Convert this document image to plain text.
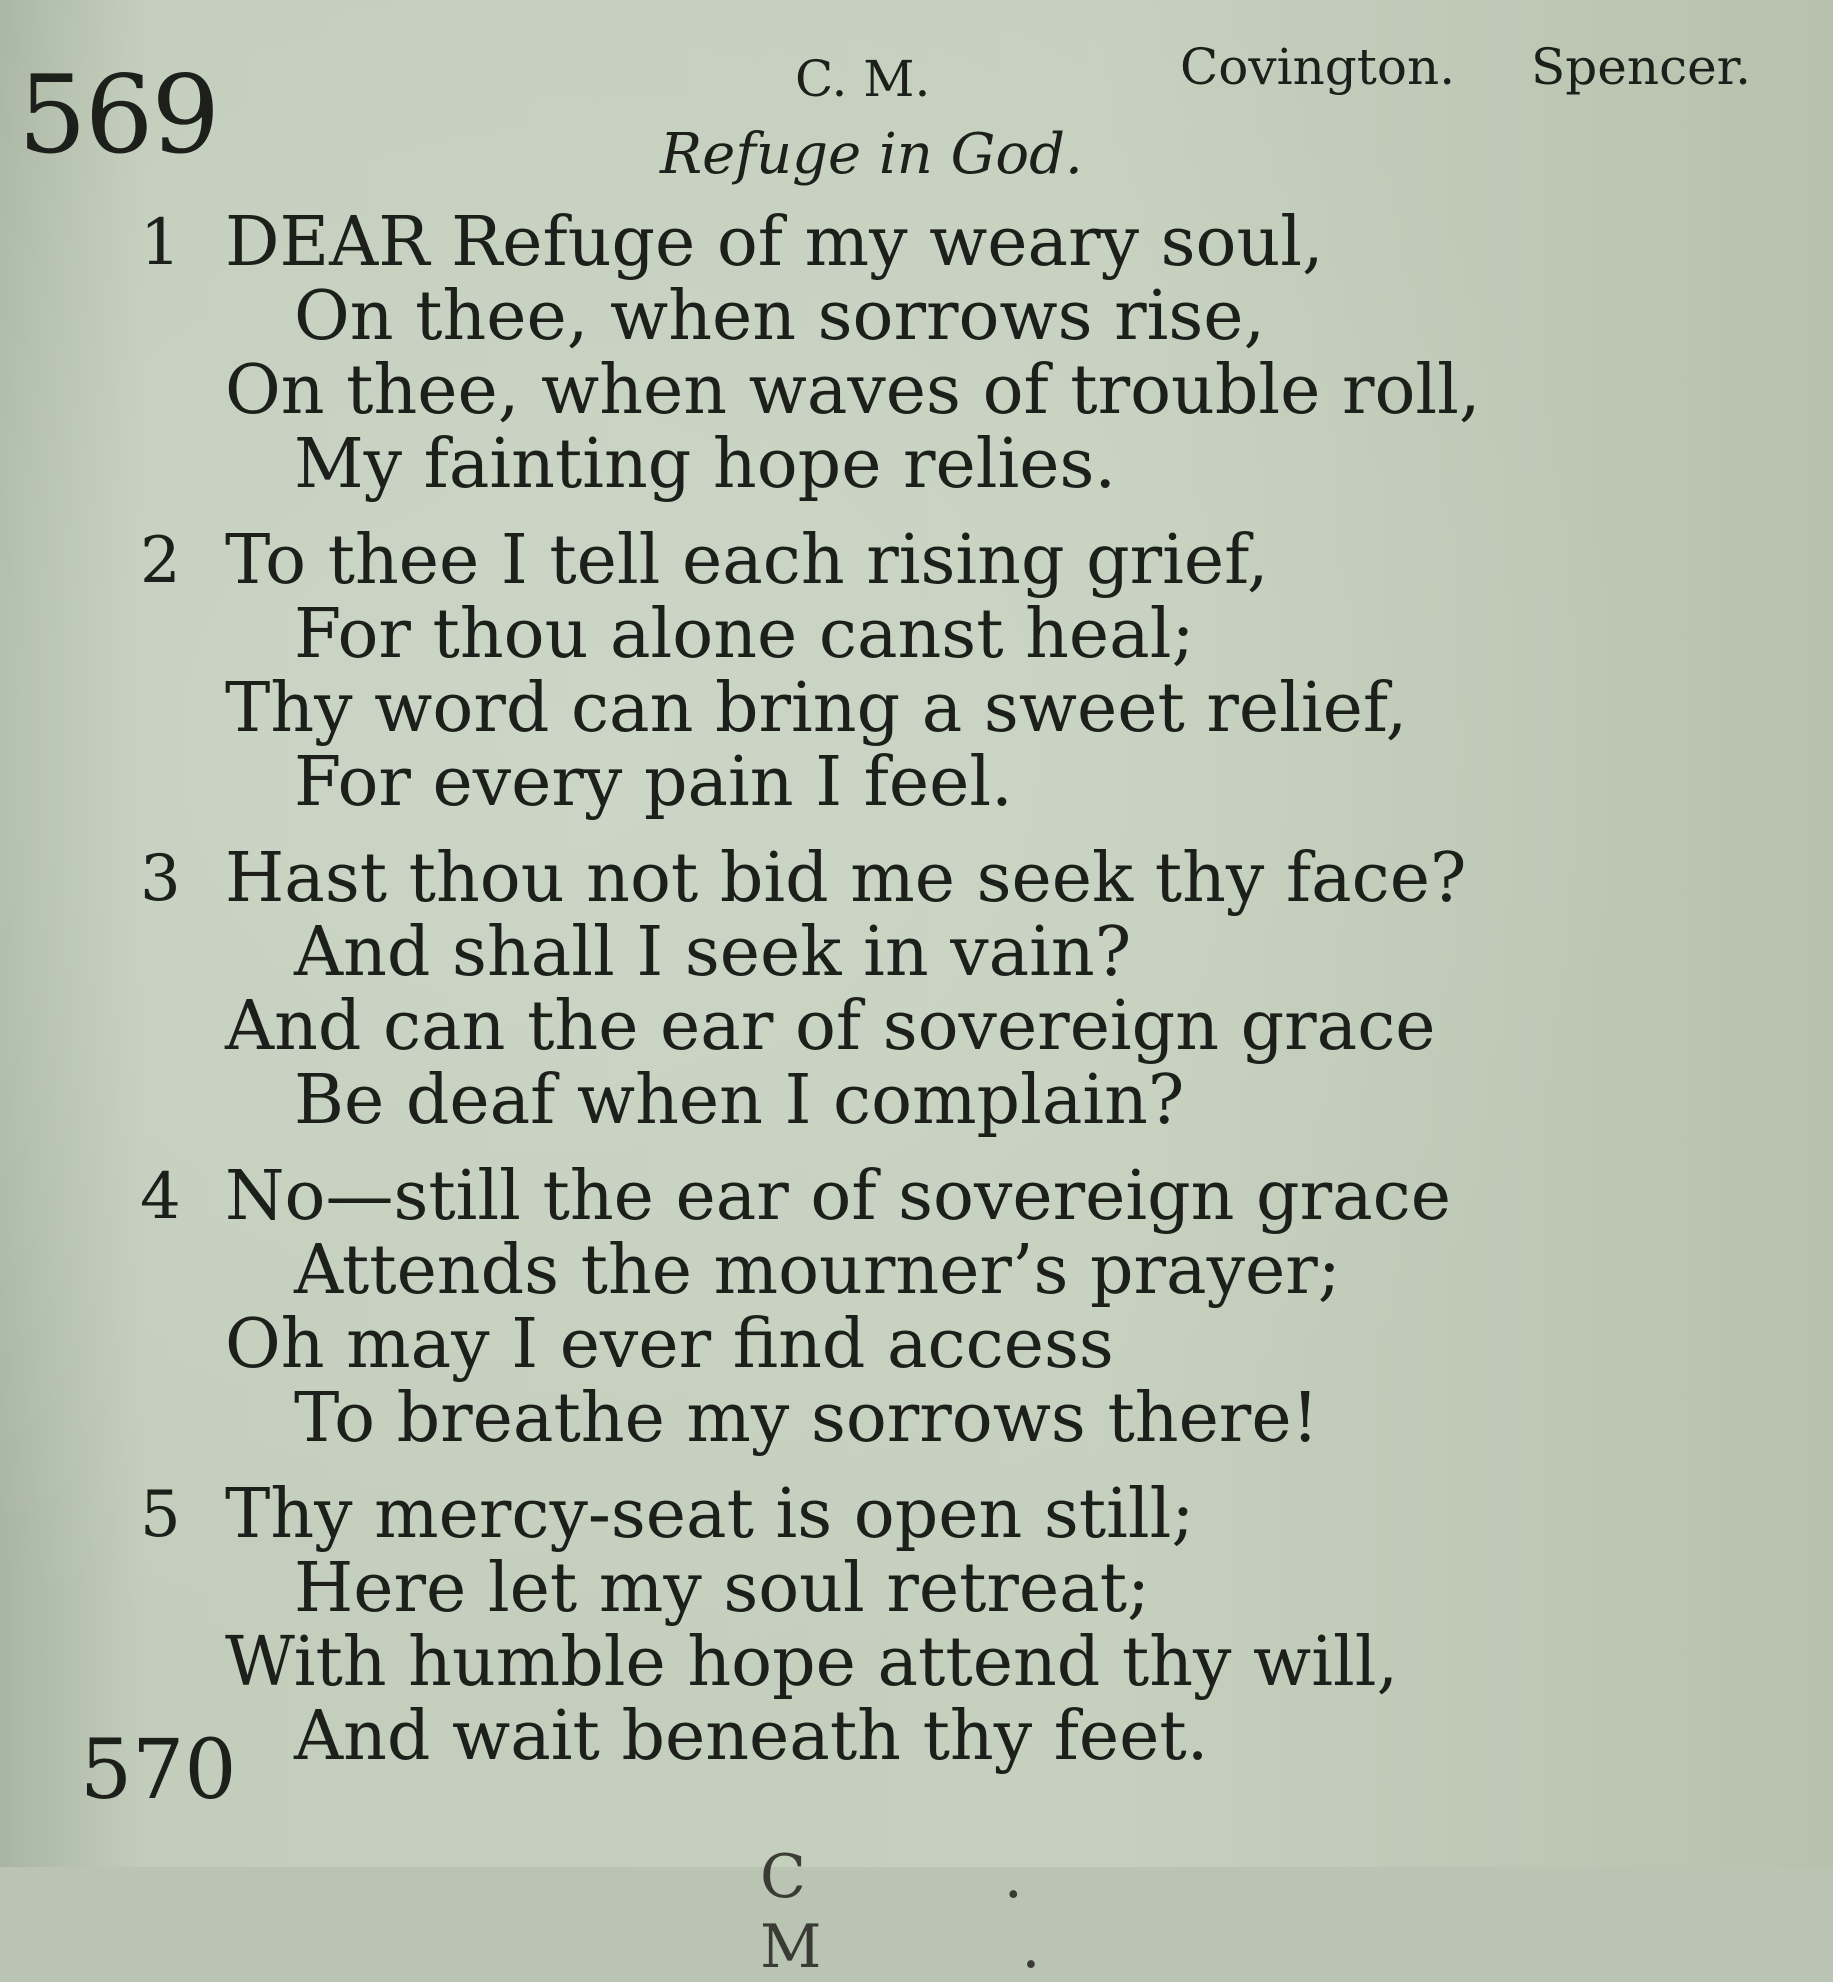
569	C. M.	Covington. Spencer.
Refuge in God.
1 DEAR Refuge of my weary soul,
On thee, when sorrows rise,
On thee, when waves of trouble roll,
My fainting hope relies.
2 To thee I tell each rising grief,
For thou alone canst heal;
Thy word can bring a sweet relief,
For every pain I feel.
3 Hast thou not bid me seek thy face?
And shall I seek in vain?
And can the ear of sovereign grace
Be deaf when I complain?
4 No—still the ear of sovereign grace
Attends the mourner’s prayer;
Oh may I ever find access
To breathe my sorrows there!
5 Thy mercy-seat is open still;
Here let my soul retreat;
With humble hope attend thy will,
And wait beneath thy feet.
570
C. M.
